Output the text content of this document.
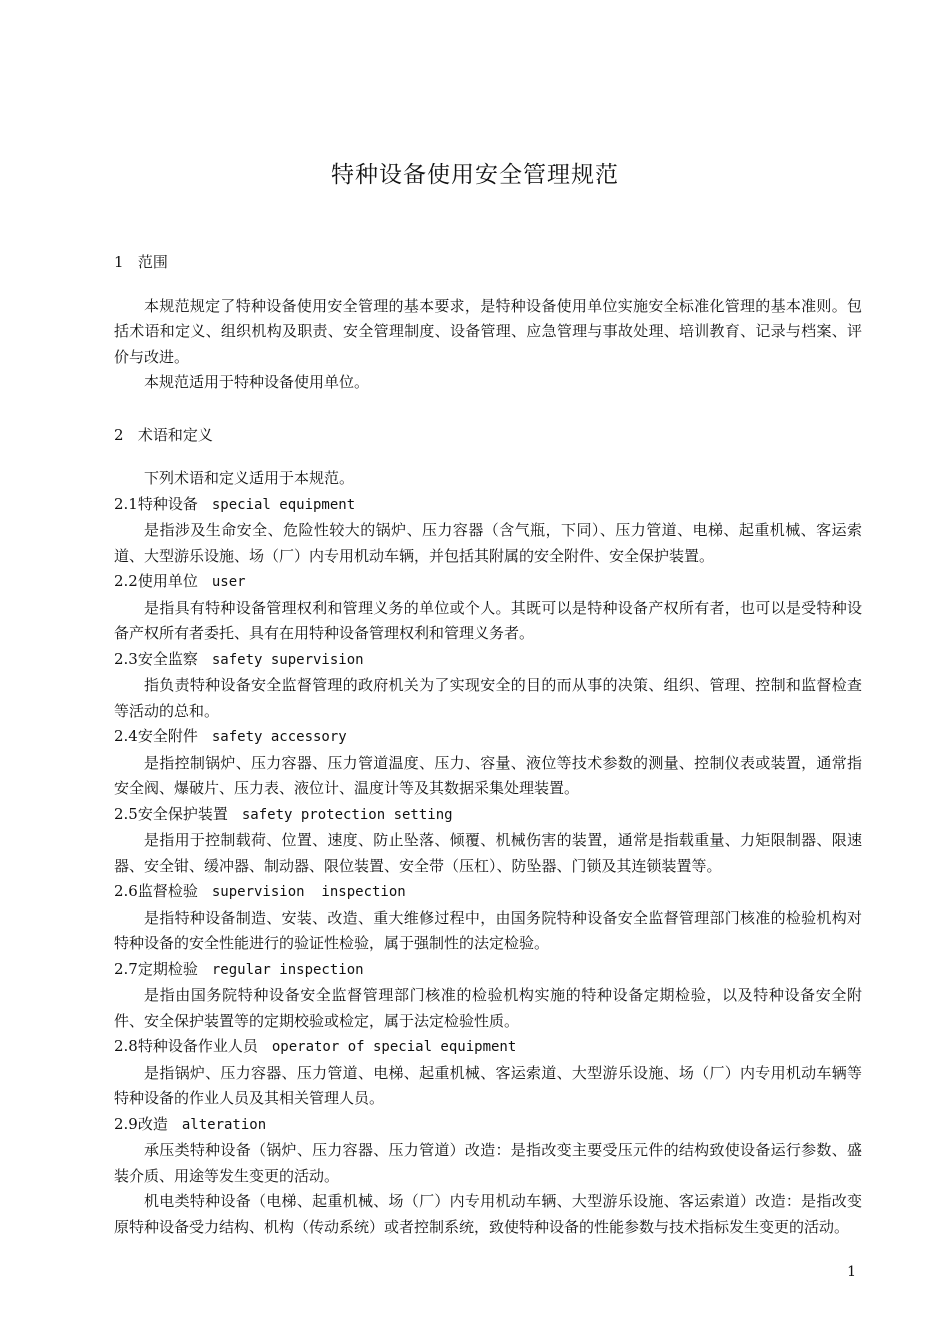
特种设备使用安全管理规范
1   范围

本规范规定了特种设备使用安全管理的基本要求，是特种设备使用单位实施安全标准化管理的基本准则。包括术语和定义、组织机构及职责、安全管理制度、设备管理、应急管理与事故处理、培训教育、记录与档案、评价与改进。

本规范适用于特种设备使用单位。

2   术语和定义

下列术语和定义适用于本规范。

2.1特种设备 special equipment

是指涉及生命安全、危险性较大的锅炉、压力容器（含气瓶，下同）、压力管道、电梯、起重机械、客运索道、大型游乐设施、场（厂）内专用机动车辆，并包括其附属的安全附件、安全保护装置。

2.2使用单位 user

是指具有特种设备管理权利和管理义务的单位或个人。其既可以是特种设备产权所有者，也可以是受特种设备产权所有者委托、具有在用特种设备管理权利和管理义务者。

2.3安全监察 safety supervision

指负责特种设备安全监督管理的政府机关为了实现安全的目的而从事的决策、组织、管理、控制和监督检查等活动的总和。

2.4安全附件 safety accessory

是指控制锅炉、压力容器、压力管道温度、压力、容量、液位等技术参数的测量、控制仪表或装置，通常指安全阀、爆破片、压力表、液位计、温度计等及其数据采集处理装置。

2.5安全保护装置 safety protection setting

是指用于控制载荷、位置、速度、防止坠落、倾覆、机械伤害的装置，通常是指载重量、力矩限制器、限速器、安全钳、缓冲器、制动器、限位装置、安全带（压杠）、防坠器、门锁及其连锁装置等。

2.6监督检验 supervision  inspection

是指特种设备制造、安装、改造、重大维修过程中，由国务院特种设备安全监督管理部门核准的检验机构对特种设备的安全性能进行的验证性检验，属于强制性的法定检验。

2.7定期检验 regular inspection

是指由国务院特种设备安全监督管理部门核准的检验机构实施的特种设备定期检验，以及特种设备安全附件、安全保护装置等的定期校验或检定，属于法定检验性质。

2.8特种设备作业人员 operator of special equipment

是指锅炉、压力容器、压力管道、电梯、起重机械、客运索道、大型游乐设施、场（厂）内专用机动车辆等特种设备的作业人员及其相关管理人员。

2.9改造 alteration

承压类特种设备（锅炉、压力容器、压力管道）改造：是指改变主要受压元件的结构致使设备运行参数、盛装介质、用途等发生变更的活动。

机电类特种设备（电梯、起重机械、场（厂）内专用机动车辆、大型游乐设施、客运索道）改造：是指改变原特种设备受力结构、机构（传动系统）或者控制系统，致使特种设备的性能参数与技术指标发生变更的活动。

1
